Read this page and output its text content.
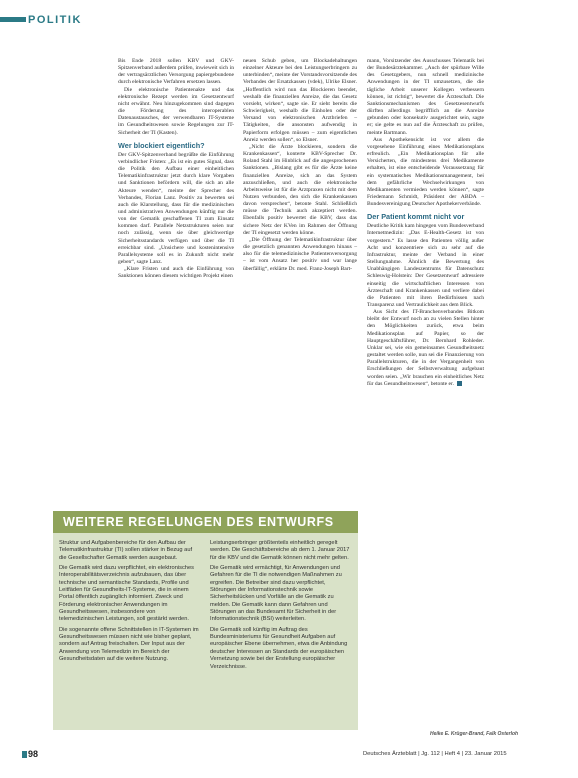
POLITIK

Bis Ende 2018 sollen KBV und GKV-Spitzenverband außerdem prüfen, inwieweit sich in der vertragsärztlichen Versorgung papiergebundene durch elektronische Verfahren ersetzen lassen.

Die elektronische Patientenakte und das elektronische Rezept werden im Gesetzentwurf nicht erwähnt. Neu hinzugekommen sind dagegen die Förderung des interoperablen Datenaustausches, der verwendbaren IT-Systeme im Gesundheitswesen sowie Regelungen zur IT-Sicherheit der TI (Kasten).

Wer blockiert eigentlich?

Der GKV-Spitzenverband begrüßte die Einführung verbindlicher Fristen: „Es ist ein gutes Signal, dass die Politik den Aufbau einer einheitlichen Telematikinfrastruktur jetzt durch klare Vorgaben und Sanktionen befördern will, die sich an alle Akteure wenden“, meinte der Sprecher des Verbandes, Florian Lanz. Positiv zu bewerten sei auch die Klarstellung, dass für die medizinischen und administrativen Anwendungen künftig nur die von der Gematik geschaffenen TI zum Einsatz kommen darf. Parallele Netzstrukturen seien nur noch zulässig, wenn sie über gleichwertige Sicherheitsstandards verfügen und über die TI erreichbar sind. „Unsichere und kostenintensive Parallelsysteme soll es in Zukunft nicht mehr geben“, sagte Lanz.

„Klare Fristen und auch die Einführung von Sanktionen können diesem wichtigen Projekt einen

neuen Schub geben, um Blockadehaltungen einzelner Akteure bei den Leistungserbringern zu unterbinden“, meinte der Vorstandsvorsitzende des Verbandes der Ersatzkassen (vdek), Ulrike Elsner. „Hoffentlich wird nun das Blockieren beendet, weshalb die finanziellen Anreize, die das Gesetz vorsieht, wirken“, sagte sie. Er sieht bereits die Schwierigkeit, weshalb die Einholen oder der Versand von elektronischen Arztbriefen – Tätigkeiten, die ansonsten aufwendig in Papierform erfolgen müssen – zum eigentlichen Anreiz werden sollen“, so Elsner.

„Nicht die Ärzte blockieren, sondern die Krankenkassen“, konterte KBV-Sprecher Dr. Roland Stahl im Hinblick auf die angesprochenen Sanktionen. „Bislang gibt es für die Ärzte keine finanziellen Anreize, sich an das System anzuschließen, und auch die elektronische Arbeitsweise ist für die Arztpraxen nicht mit dem Nutzen verbunden, den sich die Krankenkassen davon versprechen“, betonte Stahl. Schließlich müsse die Technik auch akzeptiert werden. Ebenfalls positiv bewertet die KBV, dass das sichere Netz der KVen im Rahmen der Öffnung der TI eingesetzt werden könne.

„Die Öffnung der Telematikinfrastruktur über die gesetzlich genannten Anwendungen hinaus – also für die telemedizinische Patientenversorgung – ist vom Ansatz her positiv und war lange überfällig“, erklärte Dr. med. Franz-Joseph Bart-

mann, Vorsitzender des Ausschusses Telematik bei der Bundesärztekammer. „Auch der spürbare Wille des Gesetzgebers, nun schnell medizinische Anwendungen in der TI umzusetzen, die die tägliche Arbeit unserer Kollegen verbessern können, ist richtig“, bewertet die Ärzteschaft. Die Sanktionsmechanismen des Gesetzesentwurfs dürften allerdings begrifflich an die Anreize gebunden oder konsekutiv ausgerichtet sein, sagte er; sie gelte es nun auf die Ärzteschaft zu prüfen, meinte Bartmann.

Aus Apothekensicht ist vor allem die vorgesehene Einführung eines Medikationsplans erfreulich. „Ein Medikationsplan für alle Versicherten, die mindestens drei Medikamente erhalten, ist eine entscheidende Voraussetzung für ein systematisches Medikationsmanagement, bei dem gefährliche Wechselwirkungen von Medikamenten vermieden werden können“, sagte Friedemann Schmidt, Präsident der ABDA – Bundesvereinigung Deutscher Apothekerverbände.

Der Patient kommt nicht vor

Deutliche Kritik kam hingegen vom Bundesverband Internetmedizin: „Das E-Health-Gesetz ist von vorgestern.“ Es lasse den Patienten völlig außer Acht und konzentriere sich zu sehr auf die Infrastruktur, meinte der Verband in einer Stellungnahme. Ähnlich die Bewertung des Unabhängigen Landeszentrums für Datenschutz Schleswig-Holstein: Der Gesetzentwurf adressiere einseitig die wirtschaftlichen Interessen von Ärzteschaft und Krankenkassen und verliere dabei die Patienten mit ihren Bedürfnissen nach Transparenz und Vertraulichkeit aus dem Blick.

Aus Sicht des IT-Branchenverbandes Bitkom bleibt der Entwurf noch an zu vielen Stellen hinter den Möglichkeiten zurück, etwa beim Medikationsplan auf Papier, so der Hauptgeschäftsführer, Dr. Bernhard Rohleder. Unklar sei, wie ein gemeinsames Gesundheitsnetz gestaltet werden solle, nun sei die Finanzierung von Parallelstrukturen, die in der Vergangenheit von Erschließungen der Selbstverwaltung aufgebaut worden seien. „Wir brauchen ein einheitliches Netz für das Gesundheitswesen“, betonte er.

WEITERE REGELUNGEN DES ENTWURFS

Struktur und Aufgabenbereiche für den Aufbau der Telematikinfrastruktur (TI) sollen stärker in Bezug auf die Gesellschafter Gematik werden ausgebaut.

Die Gematik wird dazu verpflichtet, ein elektronisches Interoperabilitätsverzeichnis aufzubauen, das über technische und semantische Standards, Profile und Leitfäden für Gesundheits-IT-Systeme, die in einem Portal öffentlich zugänglich informiert. Zweck und Förderung elektronischer Anwendungen im Gesundheitswesen, insbesondere von telemedizinischen Leistungen, soll gestärkt werden.

Die sogenannte offene Schnittstellen in IT-Systemen im Gesundheitswesen müssen nicht wie bisher geplant, sondern auf Antrag freischalten. Der Input aus der Anwendung von Telemedizin im Bereich der Gesundheitsdaten auf die weitere Nutzung.

Leistungserbringer größtenteils einheitlich geregelt werden. Die Geschäftsbereiche ab dem 1. Januar 2017 für die KBV und die Gematik können nicht mehr gelten.

Die Gematik wird ermächtigt, für Anwendungen und Gefahren für die TI die notwendigen Maßnahmen zu ergreifen. Die Betreiber sind dazu verpflichtet, Störungen der Informationstechnik sowie Sicherheitslücken und Vorfälle an die Gematik zu melden. Die Gematik kann dann Gefahren und Störungen an das Bundesamt für Sicherheit in der Informationstechnik (BSI) weiterleiten.

Die Gematik soll künftig im Auftrag des Bundesministeriums für Gesundheit Aufgaben auf europäischer Ebene übernehmen, etwa die Anbindung deutscher Interessen an Standards der europäischen Vernetzung sowie bei der Erstellung europäischer Verzeichnisse.

Heike E. Krüger-Brand, Falk Osterloh
98	Deutsches Ärzteblatt | Jg. 112 | Heft 4 | 23. Januar 2015
